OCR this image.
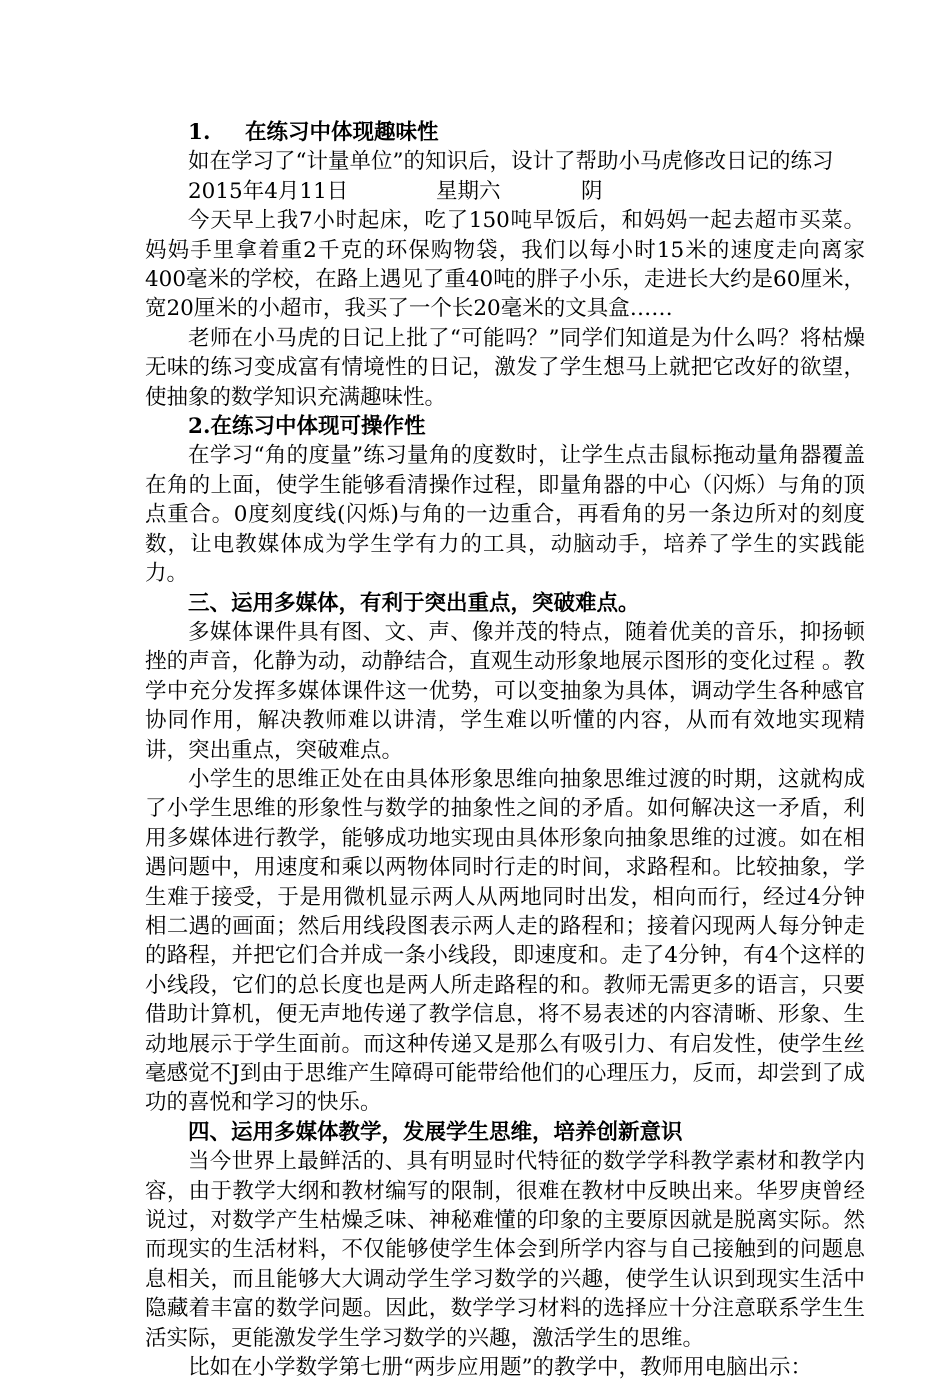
1. 在练习中体现趣味性

如在学习了“计量单位”的知识后，设计了帮助小马虎修改日记的练习

2015年4月11日	星期六	阴

今天早上我7小时起床，吃了150吨早饭后，和妈妈一起去超市买菜。妈妈手里拿着重2千克的环保购物袋，我们以每小时15米的速度走向离家400毫米的学校，在路上遇见了重40吨的胖子小乐，走进长大约是60厘米，宽20厘米的小超市，我买了一个长20毫米的文具盒……

老师在小马虎的日记上批了“可能吗？”同学们知道是为什么吗？将枯燥无味的练习变成富有情境性的日记，激发了学生想马上就把它改好的欲望，使抽象的数学知识充满趣味性。

2.在练习中体现可操作性

在学习“角的度量”练习量角的度数时，让学生点击鼠标拖动量角器覆盖在角的上面，使学生能够看清操作过程，即量角器的中心（闪烁）与角的顶点重合。0度刻度线(闪烁)与角的一边重合，再看角的另一条边所对的刻度数，让电教媒体成为学生学有力的工具，动脑动手，培养了学生的实践能力。

三、运用多媒体，有利于突出重点，突破难点。

多媒体课件具有图、文、声、像并茂的特点，随着优美的音乐，抑扬顿挫的声音，化静为动，动静结合，直观生动形象地展示图形的变化过程 。教学中充分发挥多媒体课件这一优势，可以变抽象为具体，调动学生各种感官协同作用，解决教师难以讲清，学生难以听懂的内容，从而有效地实现精讲，突出重点，突破难点。

小学生的思维正处在由具体形象思维向抽象思维过渡的时期，这就构成了小学生思维的形象性与数学的抽象性之间的矛盾。如何解决这一矛盾，利用多媒体进行教学，能够成功地实现由具体形象向抽象思维的过渡。如在相遇问题中，用速度和乘以两物体同时行走的时间，求路程和。比较抽象，学生难于接受，于是用微机显示两人从两地同时出发，相向而行，经过4分钟相二遇的画面；然后用线段图表示两人走的路程和；接着闪现两人每分钟走的路程，并把它们合并成一条小线段，即速度和。走了4分钟，有4个这样的小线段，它们的总长度也是两人所走路程的和。教师无需更多的语言，只要借助计算机，便无声地传递了教学信息，将不易表述的内容清晰、形象、生动地展示于学生面前。而这种传递又是那么有吸引力、有启发性，使学生丝毫感觉不J到由于思维产生障碍可能带给他们的心理压力，反而，却尝到了成功的喜悦和学习的快乐。

四、运用多媒体教学，发展学生思维，培养创新意识

当今世界上最鲜活的、具有明显时代特征的数学学科教学素材和教学内容，由于教学大纲和教材编写的限制，很难在教材中反映出来。华罗庚曾经说过，对数学产生枯燥乏味、神秘难懂的印象的主要原因就是脱离实际。然而现实的生活材料，不仅能够使学生体会到所学内容与自己接触到的问题息息相关，而且能够大大调动学生学习数学的兴趣，使学生认识到现实生活中隐藏着丰富的数学问题。因此，数学学习材料的选择应十分注意联系学生生活实际，更能激发学生学习数学的兴趣，激活学生的思维。

比如在小学数学第七册“两步应用题”的教学中，教师用电脑出示：
